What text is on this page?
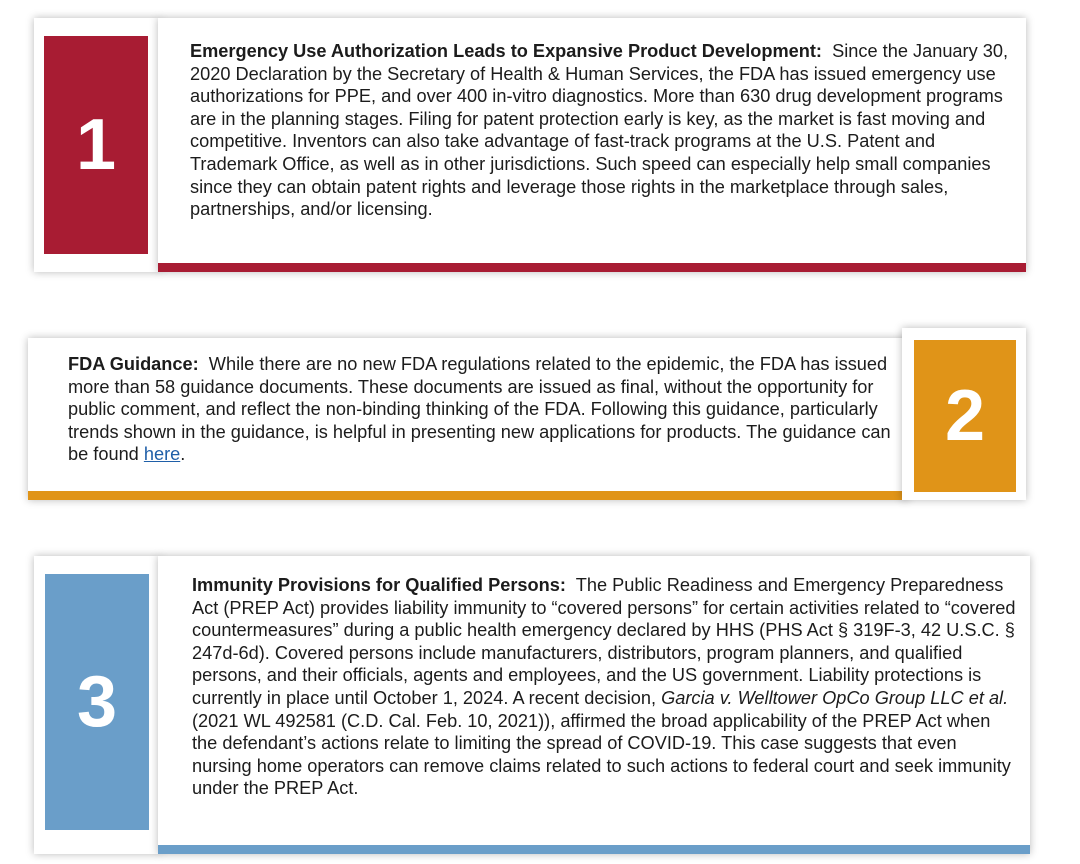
1
Emergency Use Authorization Leads to Expansive Product Development: Since the January 30, 2020 Declaration by the Secretary of Health & Human Services, the FDA has issued emergency use authorizations for PPE, and over 400 in-vitro diagnostics. More than 630 drug development programs are in the planning stages. Filing for patent protection early is key, as the market is fast moving and competitive. Inventors can also take advantage of fast-track programs at the U.S. Patent and Trademark Office, as well as in other jurisdictions. Such speed can especially help small companies since they can obtain patent rights and leverage those rights in the marketplace through sales, partnerships, and/or licensing.
FDA Guidance: While there are no new FDA regulations related to the epidemic, the FDA has issued more than 58 guidance documents. These documents are issued as final, without the opportunity for public comment, and reflect the non-binding thinking of the FDA. Following this guidance, particularly trends shown in the guidance, is helpful in presenting new applications for products. The guidance can be found here.	2
3
Immunity Provisions for Qualified Persons: The Public Readiness and Emergency Preparedness Act (PREP Act) provides liability immunity to “covered persons” for certain activities related to “covered countermeasures” during a public health emergency declared by HHS (PHS Act § 319F-3, 42 U.S.C. § 247d-6d). Covered persons include manufacturers, distributors, program planners, and qualified persons, and their officials, agents and employees, and the US government. Liability protections is currently in place until October 1, 2024. A recent decision, Garcia v. Welltower OpCo Group LLC et al. (2021 WL 492581 (C.D. Cal. Feb. 10, 2021)), affirmed the broad applicability of the PREP Act when the defendant’s actions relate to limiting the spread of COVID-19. This case suggests that even nursing home operators can remove claims related to such actions to federal court and seek immunity under the PREP Act.
